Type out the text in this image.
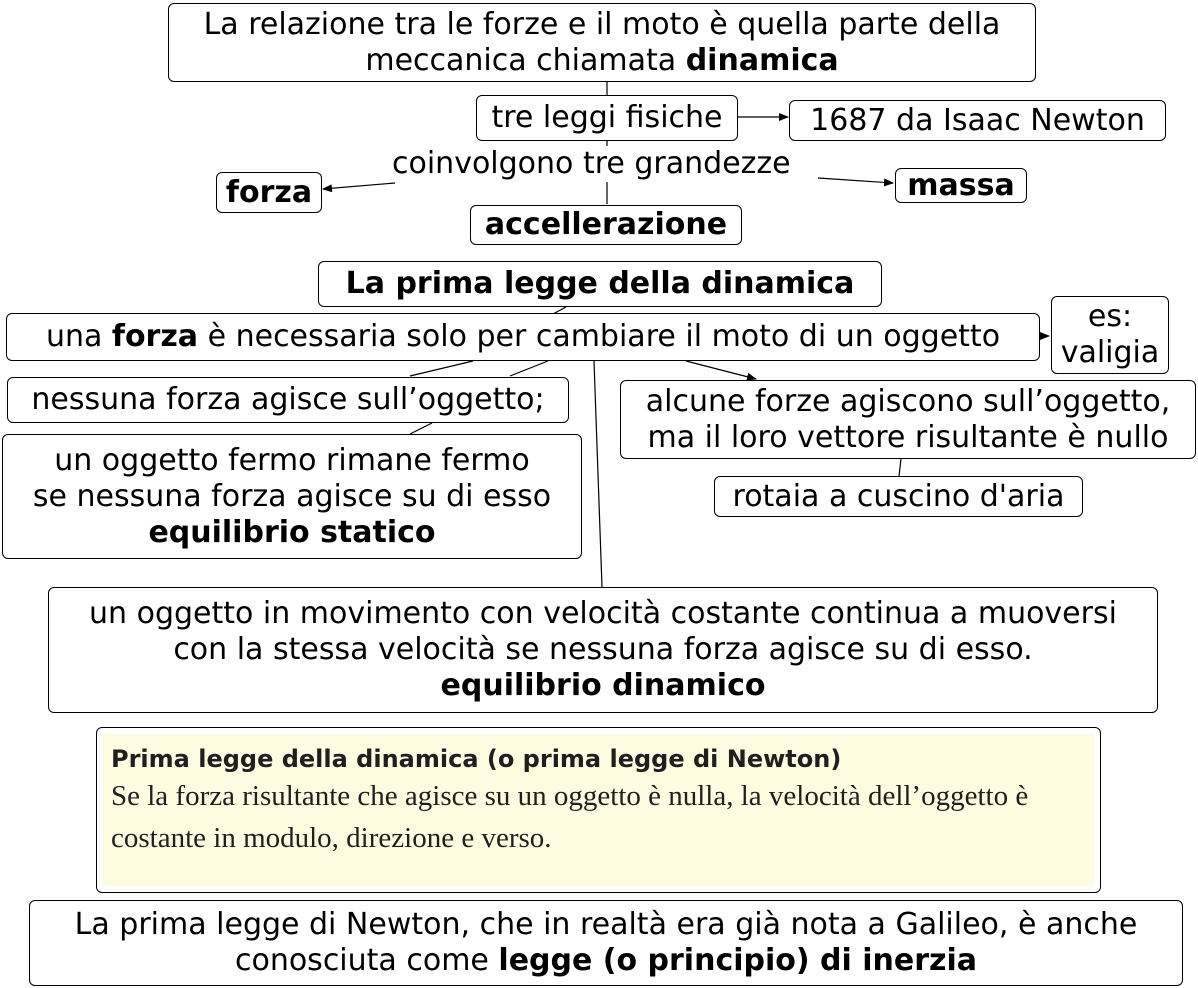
La relazione tra le forze e il moto è quella parte della
meccanica chiamata dinamica
tre leggi fisiche	1687 da Isaac Newton
coinvolgono tre grandezze
forza	massa
accellerazione
La prima legge della dinamica
una forza è necessaria solo per cambiare il moto di un oggetto
es:
valigia
nessuna forza agisce sull’oggetto;	alcune forze agiscono sull’oggetto,
ma il loro vettore risultante è nullo
rotaia a cuscino d'aria
un oggetto fermo rimane fermo
se nessuna forza agisce su di esso
equilibrio statico
un oggetto in movimento con velocità costante continua a muoversi
con la stessa velocità se nessuna forza agisce su di esso.
equilibrio dinamico
Prima legge della dinamica (o prima legge di Newton)
Se la forza risultante che agisce su un oggetto è nulla, la velocità dell’oggetto è costante in modulo, direzione e verso.
La prima legge di Newton, che in realtà era già nota a Galileo, è anche
conosciuta come legge (o principio) di inerzia
